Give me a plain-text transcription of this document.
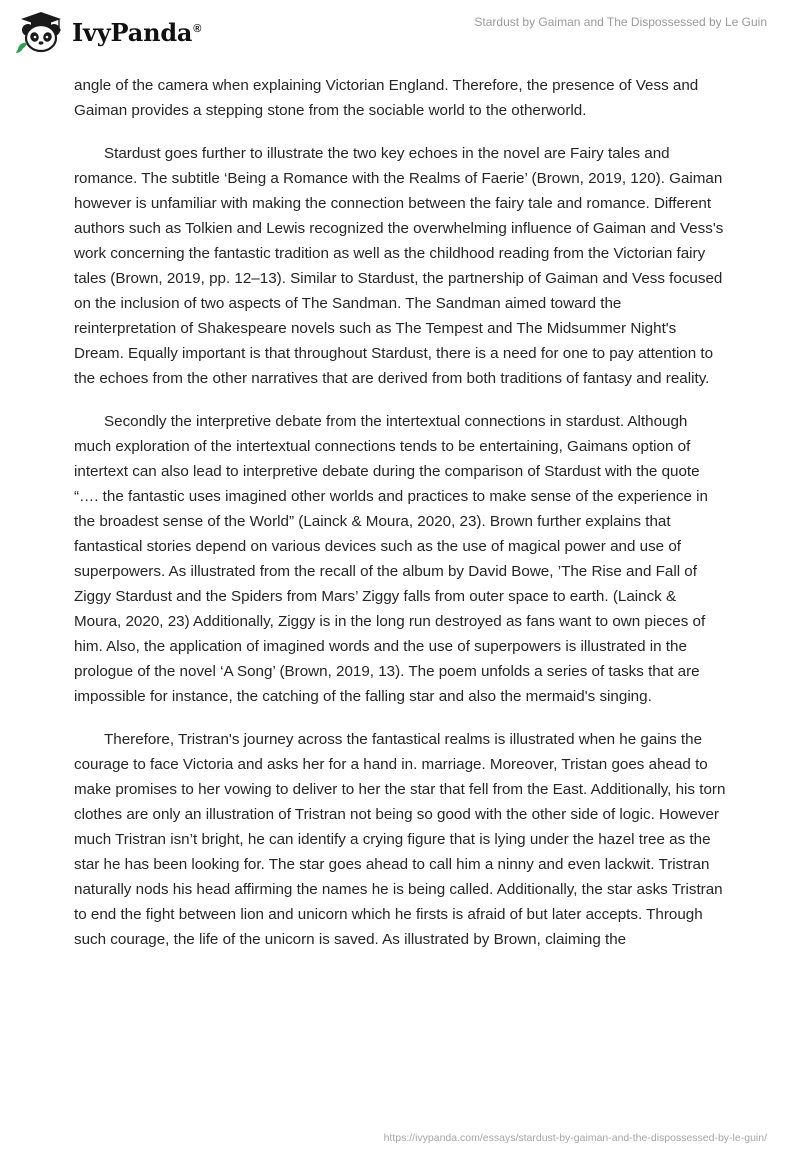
IvyPanda®	Stardust by Gaiman and The Dispossessed by Le Guin

angle of the camera when explaining Victorian England. Therefore, the presence of Vess and Gaiman provides a stepping stone from the sociable world to the otherworld.

Stardust goes further to illustrate the two key echoes in the novel are Fairy tales and romance. The subtitle ‘Being a Romance with the Realms of Faerie’ (Brown, 2019, 120). Gaiman however is unfamiliar with making the connection between the fairy tale and romance. Different authors such as Tolkien and Lewis recognized the overwhelming influence of Gaiman and Vess's work concerning the fantastic tradition as well as the childhood reading from the Victorian fairy tales (Brown, 2019, pp. 12–13). Similar to Stardust, the partnership of Gaiman and Vess focused on the inclusion of two aspects of The Sandman. The Sandman aimed toward the reinterpretation of Shakespeare novels such as The Tempest and The Midsummer Night's Dream. Equally important is that throughout Stardust, there is a need for one to pay attention to the echoes from the other narratives that are derived from both traditions of fantasy and reality.

Secondly the interpretive debate from the intertextual connections in stardust. Although much exploration of the intertextual connections tends to be entertaining, Gaimans option of intertext can also lead to interpretive debate during the comparison of Stardust with the quote “…. the fantastic uses imagined other worlds and practices to make sense of the experience in the broadest sense of the World” (Lainck & Moura, 2020, 23). Brown further explains that fantastical stories depend on various devices such as the use of magical power and use of superpowers. As illustrated from the recall of the album by David Bowe, ’The Rise and Fall of Ziggy Stardust and the Spiders from Mars’ Ziggy falls from outer space to earth. (Lainck & Moura, 2020, 23) Additionally, Ziggy is in the long run destroyed as fans want to own pieces of him. Also, the application of imagined words and the use of superpowers is illustrated in the prologue of the novel ‘A Song’ (Brown, 2019, 13). The poem unfolds a series of tasks that are impossible for instance, the catching of the falling star and also the mermaid's singing.

Therefore, Tristran's journey across the fantastical realms is illustrated when he gains the courage to face Victoria and asks her for a hand in. marriage. Moreover, Tristan goes ahead to make promises to her vowing to deliver to her the star that fell from the East. Additionally, his torn clothes are only an illustration of Tristran not being so good with the other side of logic. However much Tristran isn’t bright, he can identify a crying figure that is lying under the hazel tree as the star he has been looking for. The star goes ahead to call him a ninny and even lackwit. Tristran naturally nods his head affirming the names he is being called. Additionally, the star asks Tristran to end the fight between lion and unicorn which he firsts is afraid of but later accepts. Through such courage, the life of the unicorn is saved. As illustrated by Brown, claiming the

https://ivypanda.com/essays/stardust-by-gaiman-and-the-dispossessed-by-le-guin/
